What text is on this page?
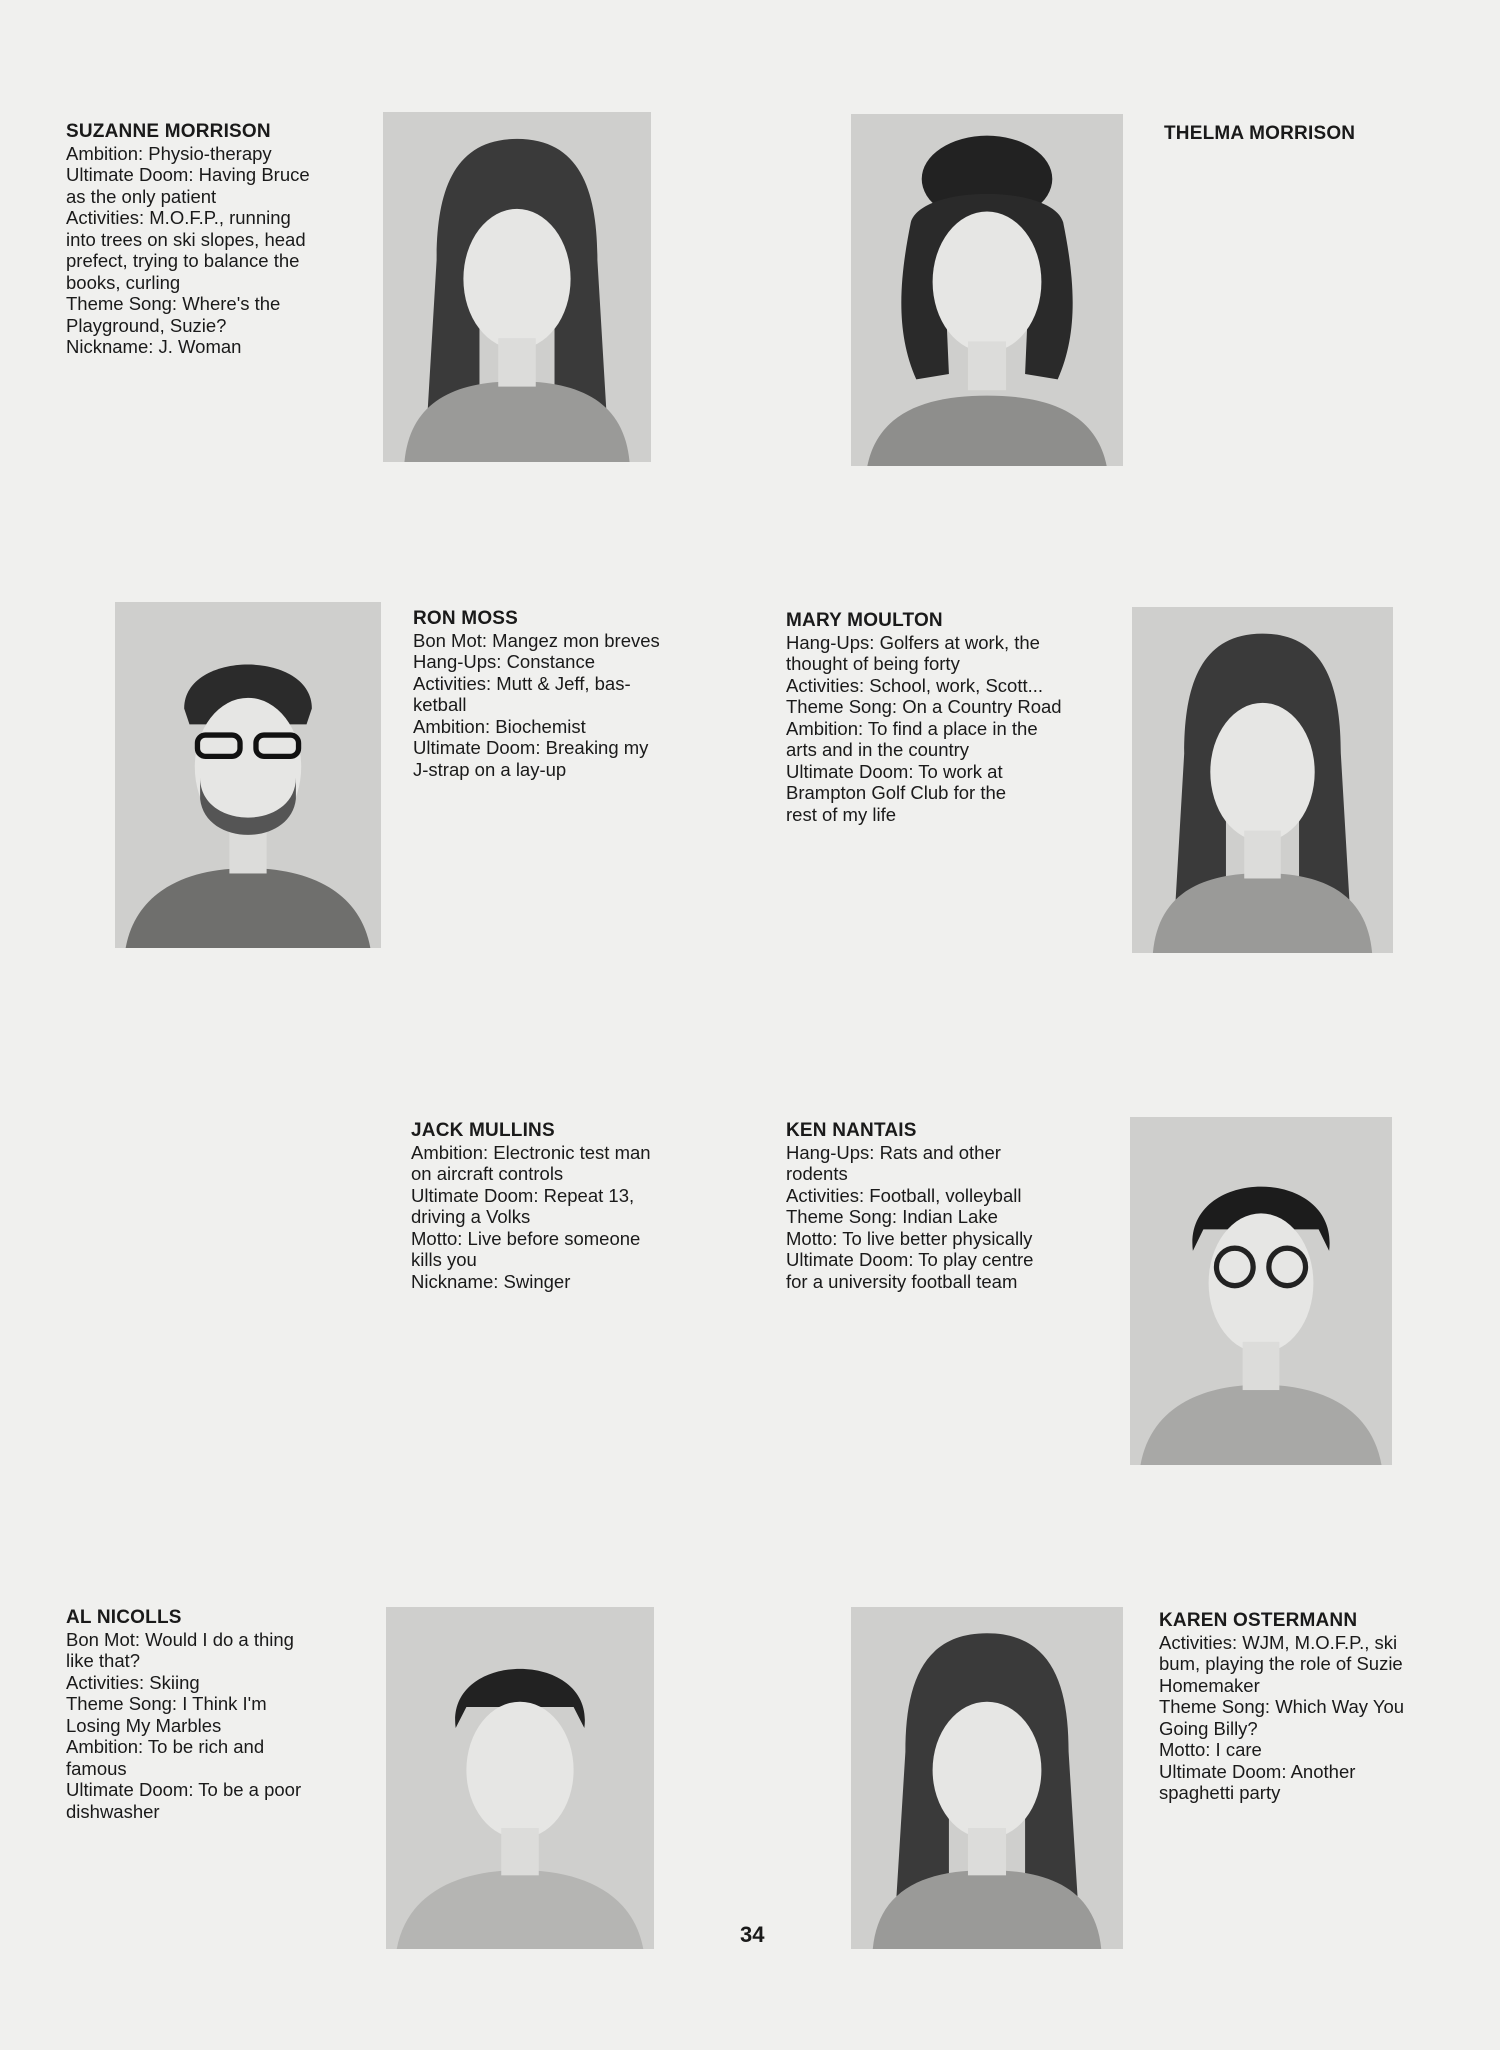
SUZANNE MORRISON
Ambition: Physio-therapy
Ultimate Doom: Having Bruce
as the only patient
Activities: M.O.F.P., running
into trees on ski slopes, head
prefect, trying to balance the
books, curling
Theme Song: Where's the
Playground, Suzie?
Nickname: J. Woman
THELMA MORRISON
RON MOSS
Bon Mot: Mangez mon breves
Hang-Ups: Constance
Activities: Mutt & Jeff, bas-
ketball
Ambition: Biochemist
Ultimate Doom: Breaking my
J-strap on a lay-up
MARY MOULTON
Hang-Ups: Golfers at work, the
thought of being forty
Activities: School, work, Scott...
Theme Song: On a Country Road
Ambition: To find a place in the
arts and in the country
Ultimate Doom: To work at
Brampton Golf Club for the
rest of my life
JACK MULLINS
Ambition: Electronic test man
on aircraft controls
Ultimate Doom: Repeat 13,
driving a Volks
Motto: Live before someone
kills you
Nickname: Swinger
KEN NANTAIS
Hang-Ups: Rats and other
rodents
Activities: Football, volleyball
Theme Song: Indian Lake
Motto: To live better physically
Ultimate Doom: To play centre
for a university football team
AL NICOLLS
Bon Mot: Would I do a thing
like that?
Activities: Skiing
Theme Song: I Think I'm
Losing My Marbles
Ambition: To be rich and
famous
Ultimate Doom: To be a poor
dishwasher
KAREN OSTERMANN
Activities: WJM, M.O.F.P., ski
bum, playing the role of Suzie
Homemaker
Theme Song: Which Way You
Going Billy?
Motto: I care
Ultimate Doom: Another
spaghetti party
34
